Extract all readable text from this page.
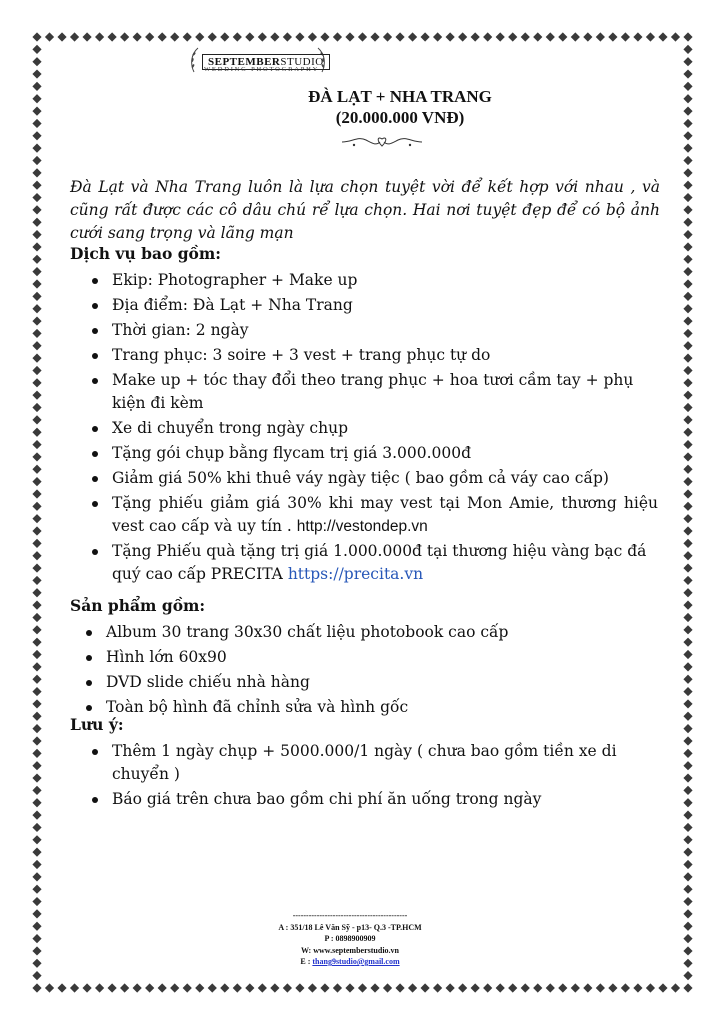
SEPTEMBERSTUDIO
WEDDING PHOTOGRAPHY
ĐÀ LẠT + NHA TRANG
(20.000.000 VNĐ)
Đà Lạt và Nha Trang luôn là lựa chọn tuyệt vời để kết hợp với nhau , và cũng rất được các cô dâu chú rể lựa chọn. Hai nơi tuyệt đẹp để có bộ ảnh cưới sang trọng và lãng mạn
Dịch vụ bao gồm:
Ekip: Photographer + Make up
Địa điểm: Đà Lạt + Nha Trang
Thời gian: 2 ngày
Trang phục: 3 soire + 3 vest + trang phục tự do
Make up + tóc thay đổi theo trang phục + hoa tươi cầm tay + phụ kiện đi kèm
Xe di chuyển trong ngày chụp
Tặng gói chụp bằng flycam trị giá 3.000.000đ
Giảm giá 50% khi thuê váy ngày tiệc ( bao gồm cả váy cao cấp)
Tặng phiếu giảm giá 30% khi may vest tại Mon Amie, thương hiệu vest cao cấp và uy tín . http://vestondep.vn
Tặng Phiếu quà tặng trị giá 1.000.000đ tại thương hiệu vàng bạc đá quý cao cấp PRECITA https://precita.vn
Sản phẩm gồm:
Album 30 trang 30x30 chất liệu photobook cao cấp
Hình lớn 60x90
DVD slide chiếu nhà hàng
Toàn bộ hình đã chỉnh sửa và hình gốc
Lưu ý:
Thêm 1 ngày chụp + 5000.000/1 ngày ( chưa bao gồm tiền xe di chuyển )
Báo giá trên chưa bao gồm chi phí ăn uống trong ngày
-------------------------------------------
A : 351/18 Lê Văn Sỹ - p13- Q.3 -TP.HCM
P : 0898900909
W: www.septemberstudio.vn
E : thang9studio@gmail.com
